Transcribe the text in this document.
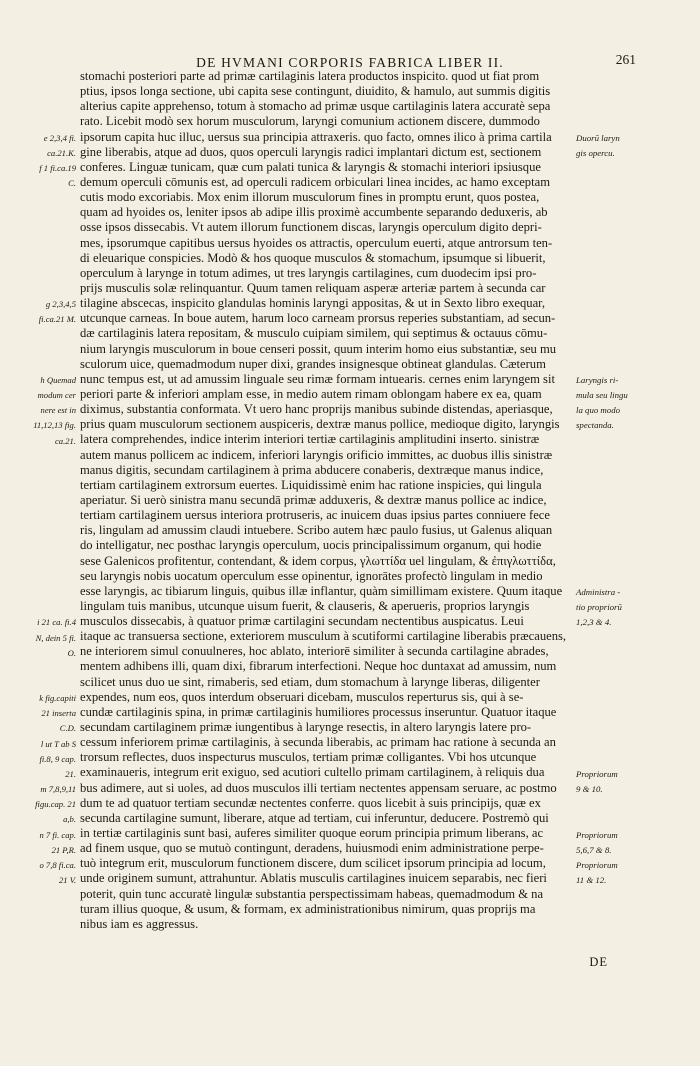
DE HVMANI CORPORIS FABRICA LIBER II.	261
stomachi posteriori parte ad primæ cartilaginis latera productos inspicito. quod ut fiat prom
ptius, ipsos longa sectione, ubi capita sese contingunt, diuidito, & hamulo, aut summis digitis
alterius capite apprehenso, totum à stomacho ad primæ usque cartilaginis latera accuratè sepa
rato. Licebit modò sex horum musculorum, laryngi comunium actionem discere, dummodo
ipsorum capita huc illuc, uersus sua principia attraxeris. quo facto, omnes ilico à prima cartila
gine liberabis, atque ad duos, quos operculi laryngis radici implantari dictum est, sectionem
conferes. Linguæ tunicam, quæ cum palati tunica & laryngis & stomachi interiori ipsiusque
demum operculi cōmunis est, ad operculi radicem orbiculari linea incides, ac hamo exceptam
cutis modo excoriabis. Mox enim illorum musculorum fines in promptu erunt, quos postea,
quam ad hyoides os, leniter ipsos ab adipe illis proximè accumbente separando deduxeris, ab
osse ipsos dissecabis. Vt autem illorum functionem discas, laryngis operculum digito depri-
mes, ipsorumque capitibus uersus hyoides os attractis, operculum euerti, atque antrorsum ten-
di eleuarique conspicies. Modò & hos quoque musculos & stomachum, ipsumque si libuerit,
operculum à larynge in totum adimes, ut tres laryngis cartilagines, cum duodecim ipsi pro-
prijs musculis solæ relinquantur. Quum tamen reliquam asperæ arteriæ partem à secunda car
tilagine abscecas, inspicito glandulas hominis laryngi appositas, & ut in Sexto libro exequar,
utcunque carneas. In boue autem, harum loco carneam prorsus reperies substantiam, ad secun-
dæ cartilaginis latera repositam, & musculo cuipiam similem, qui septimus & octauus cōmu-
nium laryngis musculorum in boue censeri possit, quum interim homo eius substantiæ, seu mu
sculorum uice, quemadmodum nuper dixi, grandes insignesque obtineat glandulas. Cæterum
nunc tempus est, ut ad amussim linguale seu rimæ formam intuearis. cernes enim laryngem sit
periori parte & inferiori amplam esse, in medio autem rimam oblongam habere ex ea, quam
diximus, substantia conformata. Vt uero hanc proprijs manibus subinde distendas, aperiasque,
prius quam musculorum sectionem auspiceris, dextræ manus pollice, medioque digito, laryngis
latera comprehendes, indice interim interiori tertiæ cartilaginis amplitudini inserto. sinistræ
autem manus pollicem ac indicem, inferiori laryngis orificio immittes, ac duobus illis sinistræ
manus digitis, secundam cartilaginem à prima abducere conaberis, dextræque manus indice,
tertiam cartilaginem extrorsum euertes. Liquidissimè enim hac ratione inspicies, qui lingula
aperiatur. Si uerò sinistra manu secundā primæ adduxeris, & dextræ manus pollice ac indice,
tertiam cartilaginem uersus interiora protruseris, ac inuicem duas ipsius partes conniuere fece
ris, lingulam ad amussim claudi intuebere. Scribo autem hæc paulo fusius, ut Galenus aliquan
do intelligatur, nec posthac laryngis operculum, uocis principalissimum organum, qui hodie
sese Galenicos profitentur, contendant, & idem corpus, γλωττίδα uel lingulam, & ἐπιγλωττίδα,
seu laryngis nobis uocatum operculum esse opinentur, ignorātes profectò lingulam in medio
esse laryngis, ac tibiarum linguis, quibus illæ inflantur, quàm simillimam existere. Quum itaque
lingulam tuis manibus, utcunque uisum fuerit, & clauseris, & aperueris, proprios laryngis
musculos dissecabis, à quatuor primæ cartilagini secundam nectentibus auspicatus. Leui
itaque ac transuersa sectione, exteriorem musculum à scutiformi cartilagine liberabis præcauens,
ne interiorem simul conuulneres, hoc ablato, interiorē similiter à secunda cartilagine abrades,
mentem adhibens illi, quam dixi, fibrarum interfectioni. Neque hoc duntaxat ad amussim, num
scilicet unus duo ue sint, rimaberis, sed etiam, dum stomachum à larynge liberas, diligenter
expendes, num eos, quos interdum obseruari dicebam, musculos reperturus sis, qui à se-
cundæ cartilaginis spina, in primæ cartilaginis humiliores processus inseruntur. Quatuor itaque
secundam cartilaginem primæ iungentibus à larynge resectis, in altero laryngis latere pro-
cessum inferiorem primæ cartilaginis, à secunda liberabis, ac primam hac ratione à secunda an
trorsum reflectes, duos inspecturus musculos, tertiam primæ colligantes. Vbi hos utcunque
examinaueris, integrum erit exiguo, sed acutiori cultello primam cartilaginem, à reliquis dua
bus adimere, aut si uoles, ad duos musculos illi tertiam nectentes appensam seruare, ac postmo
dum te ad quatuor tertiam secundæ nectentes conferre. quos licebit à suis principijs, quæ ex
secunda cartilagine sumunt, liberare, atque ad tertiam, cui inferuntur, deducere. Postremò qui
in tertiæ cartilaginis sunt basi, auferes similiter quoque eorum principia primum liberans, ac
ad finem usque, quo se mutuò contingunt, deradens, huiusmodi enim administratione perpe-
tuò integrum erit, musculorum functionem discere, dum scilicet ipsorum principia ad locum,
unde originem sumunt, attrahuntur. Ablatis musculis cartilagines inuicem separabis, nec fieri
poterit, quin tunc accuratè lingulæ substantia perspectissimam habeas, quemadmodum & na
turam illius quoque, & usum, & formam, ex administrationibus nimirum, quas proprijs ma
nibus iam es aggressus.
e 2,3,4 fi.
ca.21.K.
f 1 fi.ca.19
C.
g 2,3,4,5
fi.ca.21 M.
h Quemad
modum cer
nere est in
11,12,13 fig.
ca.21.
i 21 ca. fi.4
N, dein 5 fi.
O.
k fig.capiti
21 inserta
C.D.
l ut T ab S
fi.8, 9 cap.
21.
m 7,8,9,11
figu.cap. 21
a,b.
n 7 fi. cap.
21 P,R.
o 7,8 fi.ca.
21 V.
Duorū laryn
gis opercu.
Laryngis ri-
mula seu lingu
la quo modo
spectanda.
Administra -
tio propriorū
1,2,3 & 4.
Propriorum
9 & 10.
Propriorum
5,6,7 & 8.
Propriorum
11 & 12.
DE
